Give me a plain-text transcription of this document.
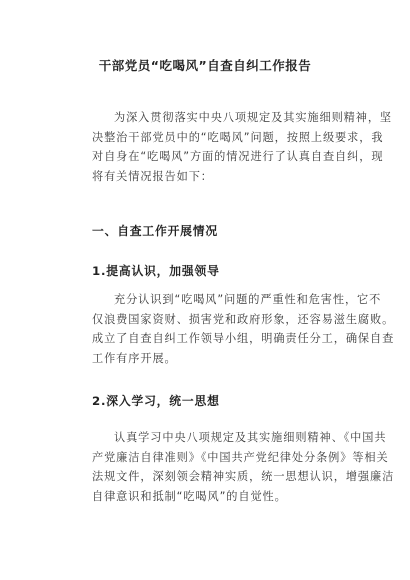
干部党员“吃喝风”自查自纠工作报告
为深入贯彻落实中央八项规定及其实施细则精神，坚
决整治干部党员中的“吃喝风”问题，按照上级要求，我
对自身在“吃喝风”方面的情况进行了认真自查自纠，现
将有关情况报告如下：
一、自查工作开展情况
1.提高认识，加强领导
充分认识到“吃喝风”问题的严重性和危害性，它不
仅浪费国家资财、损害党和政府形象，还容易滋生腐败。
成立了自查自纠工作领导小组，明确责任分工，确保自查
工作有序开展。
2.深入学习，统一思想
认真学习中央八项规定及其实施细则精神、《中国共
产党廉洁自律准则》《中国共产党纪律处分条例》等相关
法规文件，深刻领会精神实质，统一思想认识，增强廉洁
自律意识和抵制“吃喝风”的自觉性。
